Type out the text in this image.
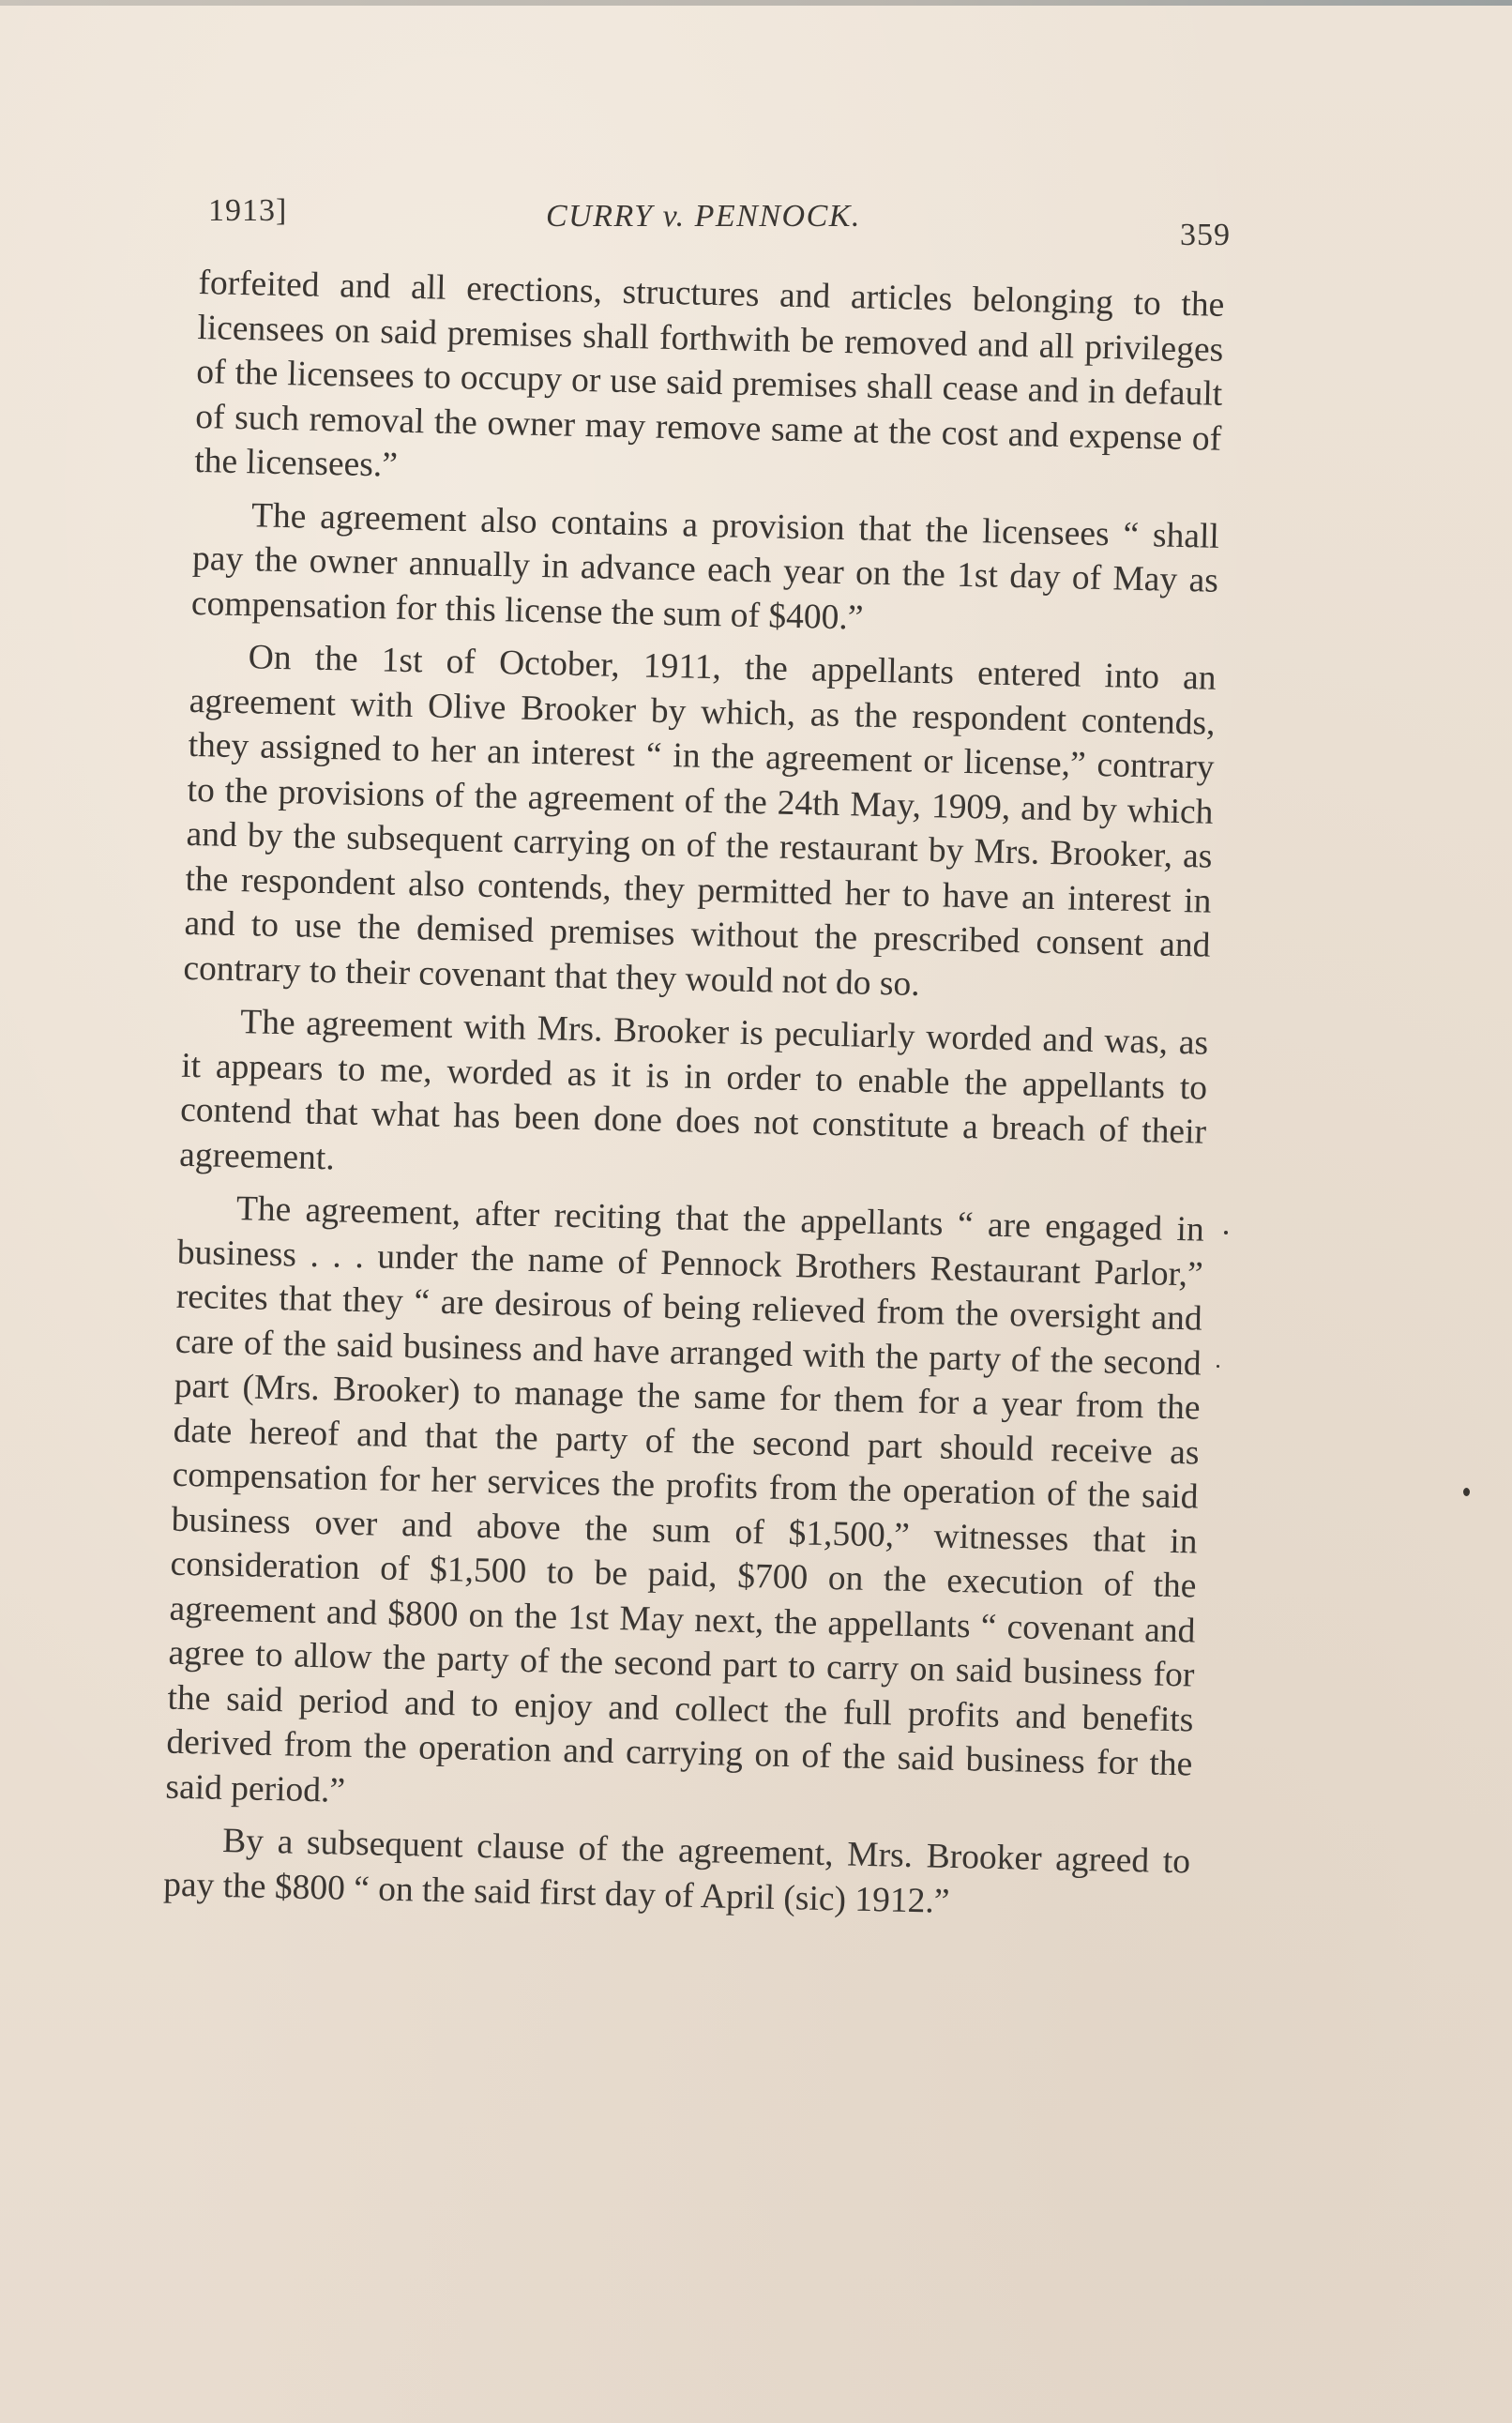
1913]	CURRY v. PENNOCK.
359

forfeited and all erections, structures and articles belonging to the licensees on said premises shall forthwith be removed and all privileges of the licensees to occupy or use said premises shall cease and in default of such removal the owner may remove same at the cost and expense of the licensees.”

The agreement also contains a provision that the licensees “ shall pay the owner annually in advance each year on the 1st day of May as compensation for this license the sum of $400.”

On the 1st of October, 1911, the appellants entered into an agreement with Olive Brooker by which, as the respondent contends, they assigned to her an interest “ in the agreement or license,” contrary to the provisions of the agreement of the 24th May, 1909, and by which and by the subsequent carrying on of the restaurant by Mrs. Brooker, as the respondent also contends, they permitted her to have an interest in and to use the demised premises without the prescribed consent and contrary to their covenant that they would not do so.

The agreement with Mrs. Brooker is peculiarly worded and was, as it appears to me, worded as it is in order to enable the appellants to contend that what has been done does not constitute a breach of their agreement.

The agreement, after reciting that the appellants “ are engaged in business . . . under the name of Pennock Brothers Restaurant Parlor,” recites that they “ are desirous of being relieved from the oversight and care of the said business and have arranged with the party of the second part (Mrs. Brooker) to manage the same for them for a year from the date hereof and that the party of the second part should receive as compensation for her services the profits from the operation of the said business over and above the sum of $1,500,” witnesses that in consideration of $1,500 to be paid, $700 on the execution of the agreement and $800 on the 1st May next, the appellants “ covenant and agree to allow the party of the second part to carry on said business for the said period and to enjoy and collect the full profits and benefits derived from the operation and carrying on of the said business for the said period.”

By a subsequent clause of the agreement, Mrs. Brooker agreed to pay the $800 “ on the said first day of April (sic) 1912.”
